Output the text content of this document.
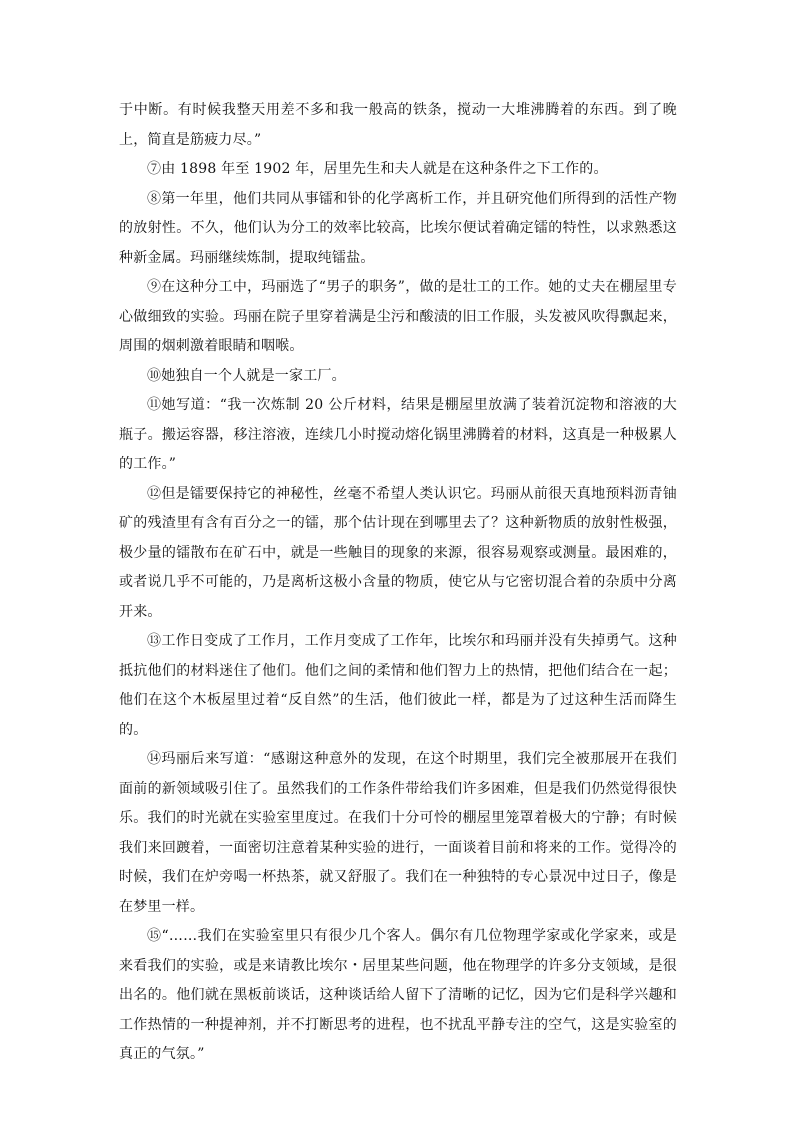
于中断。有时候我整天用差不多和我一般高的铁条，搅动一大堆沸腾着的东西。到了晚上，简直是筋疲力尽。”

⑦由 1898 年至 1902 年，居里先生和夫人就是在这种条件之下工作的。

⑧第一年里，他们共同从事镭和钋的化学离析工作，并且研究他们所得到的活性产物的放射性。不久，他们认为分工的效率比较高，比埃尔便试着确定镭的特性，以求熟悉这种新金属。玛丽继续炼制，提取纯镭盐。

⑨在这种分工中，玛丽选了“男子的职务”，做的是壮工的工作。她的丈夫在棚屋里专心做细致的实验。玛丽在院子里穿着满是尘污和酸渍的旧工作服，头发被风吹得飘起来，周围的烟刺激着眼睛和咽喉。

⑩她独自一个人就是一家工厂。

⑪她写道：“我一次炼制 20 公斤材料，结果是棚屋里放满了装着沉淀物和溶液的大瓶子。搬运容器，移注溶液，连续几小时搅动熔化锅里沸腾着的材料，这真是一种极累人的工作。”

⑫但是镭要保持它的神秘性，丝毫不希望人类认识它。玛丽从前很天真地预料沥青铀矿的残渣里有含有百分之一的镭，那个估计现在到哪里去了？这种新物质的放射性极强，极少量的镭散布在矿石中，就是一些触目的现象的来源，很容易观察或测量。最困难的，或者说几乎不可能的，乃是离析这极小含量的物质，使它从与它密切混合着的杂质中分离开来。

⑬工作日变成了工作月，工作月变成了工作年，比埃尔和玛丽并没有失掉勇气。这种抵抗他们的材料迷住了他们。他们之间的柔情和他们智力上的热情，把他们结合在一起；他们在这个木板屋里过着“反自然”的生活，他们彼此一样，都是为了过这种生活而降生的。

⑭玛丽后来写道：“感谢这种意外的发现，在这个时期里，我们完全被那展开在我们面前的新领域吸引住了。虽然我们的工作条件带给我们许多困难，但是我们仍然觉得很快乐。我们的时光就在实验室里度过。在我们十分可怜的棚屋里笼罩着极大的宁静；有时候我们来回踱着，一面密切注意着某种实验的进行，一面谈着目前和将来的工作。觉得冷的时候，我们在炉旁喝一杯热茶，就又舒服了。我们在一种独特的专心景况中过日子，像是在梦里一样。

⑮“……我们在实验室里只有很少几个客人。偶尔有几位物理学家或化学家来，或是来看我们的实验，或是来请教比埃尔・居里某些问题，他在物理学的许多分支领域，是很出名的。他们就在黑板前谈话，这种谈话给人留下了清晰的记忆，因为它们是科学兴趣和工作热情的一种提神剂，并不打断思考的进程，也不扰乱平静专注的空气，这是实验室的真正的气氛。”
